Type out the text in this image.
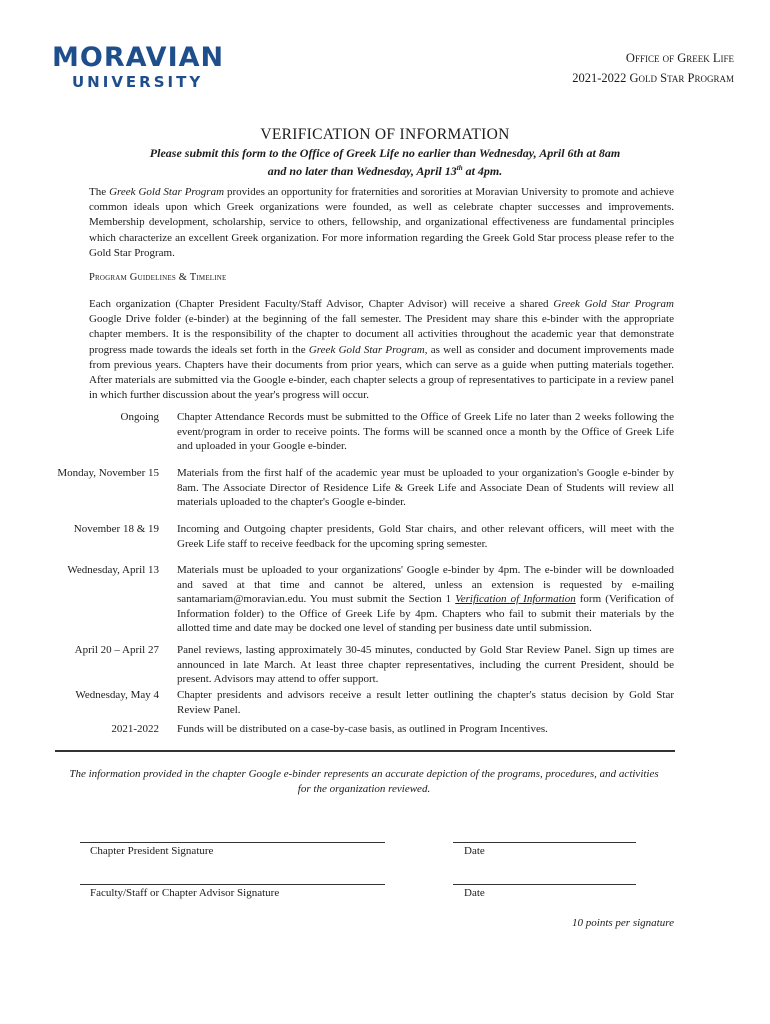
MORAVIAN
UNIVERSITY
Office of Greek Life
2021-2022 Gold Star Program
VERIFICATION OF INFORMATION
Please submit this form to the Office of Greek Life no earlier than Wednesday, April 6th at 8am
and no later than Wednesday, April 13th at 4pm.
The Greek Gold Star Program provides an opportunity for fraternities and sororities at Moravian University to promote and achieve common ideals upon which Greek organizations were founded, as well as celebrate chapter successes and improvements. Membership development, scholarship, service to others, fellowship, and organizational effectiveness are fundamental principles which characterize an excellent Greek organization. For more information regarding the Greek Gold Star process please refer to the Gold Star Program.
Program Guidelines & Timeline
Each organization (Chapter President Faculty/Staff Advisor, Chapter Advisor) will receive a shared Greek Gold Star Program Google Drive folder (e-binder) at the beginning of the fall semester. The President may share this e-binder with the appropriate chapter members. It is the responsibility of the chapter to document all activities throughout the academic year that demonstrate progress made towards the ideals set forth in the Greek Gold Star Program, as well as consider and document improvements made from previous years. Chapters have their documents from prior years, which can serve as a guide when putting materials together. After materials are submitted via the Google e-binder, each chapter selects a group of representatives to participate in a review panel in which further discussion about the year's progress will occur.
Ongoing Chapter Attendance Records must be submitted to the Office of Greek Life no later than 2 weeks following the event/program in order to receive points. The forms will be scanned once a month by the Office of Greek Life and uploaded in your Google e-binder.
Monday, November 15 Materials from the first half of the academic year must be uploaded to your organization's Google e-binder by 8am. The Associate Director of Residence Life & Greek Life and Associate Dean of Students will review all materials uploaded to the chapter's Google e-binder.
November 18 & 19 Incoming and Outgoing chapter presidents, Gold Star chairs, and other relevant officers, will meet with the Greek Life staff to receive feedback for the upcoming spring semester.
Wednesday, April 13 Materials must be uploaded to your organizations' Google e-binder by 4pm. The e-binder will be downloaded and saved at that time and cannot be altered, unless an extension is requested by e-mailing santamariam@moravian.edu. You must submit the Section 1 Verification of Information form (Verification of Information folder) to the Office of Greek Life by 4pm. Chapters who fail to submit their materials by the allotted time and date may be docked one level of standing per business date until submission.
April 20 – April 27 Panel reviews, lasting approximately 30-45 minutes, conducted by Gold Star Review Panel. Sign up times are announced in late March. At least three chapter representatives, including the current President, should be present. Advisors may attend to offer support.
Wednesday, May 4 Chapter presidents and advisors receive a result letter outlining the chapter's status decision by Gold Star Review Panel.
2021-2022 Funds will be distributed on a case-by-case basis, as outlined in Program Incentives.
The information provided in the chapter Google e-binder represents an accurate depiction of the programs, procedures, and activities
for the organization reviewed.
Chapter President Signature	Date
Faculty/Staff or Chapter Advisor Signature	Date
10 points per signature
